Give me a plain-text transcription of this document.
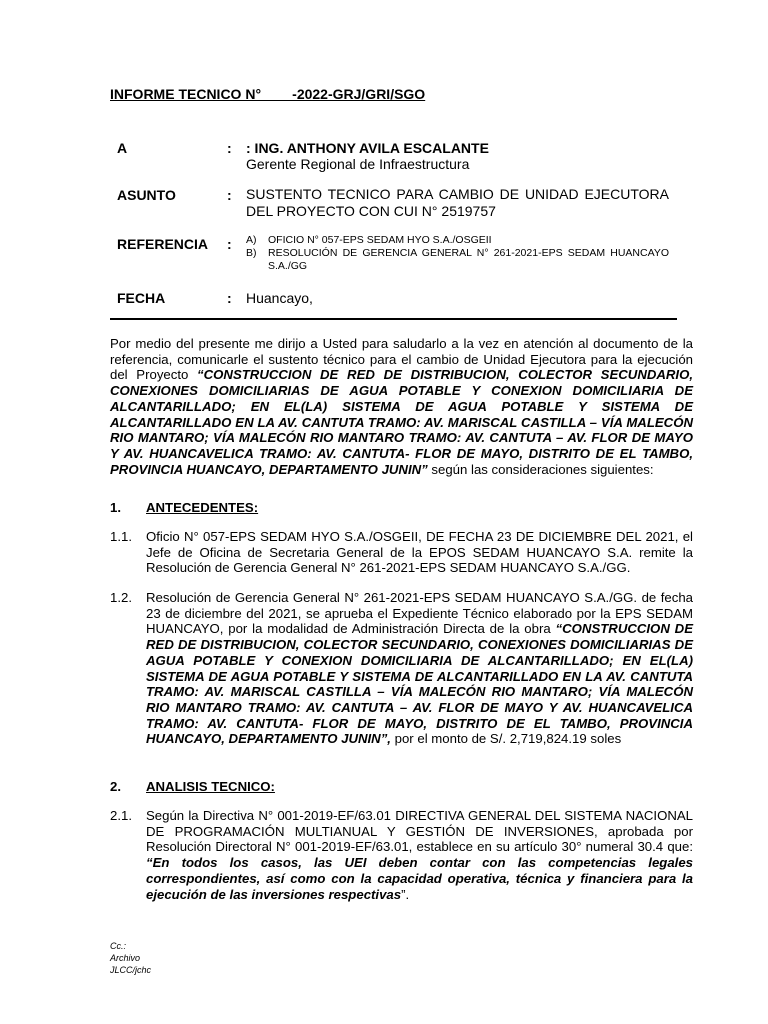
INFORME TECNICO N°        -2022-GRJ/GRI/SGO
A	: : ING. ANTHONY AVILA ESCALANTE
Gerente Regional de Infraestructura
ASUNTO	: SUSTENTO TECNICO PARA CAMBIO DE UNIDAD EJECUTORA DEL PROYECTO CON CUI N° 2519757
REFERENCIA : A)	OFICIO N° 057-EPS SEDAM HYO S.A./OSGEII
B)	RESOLUCIÓN DE GERENCIA GENERAL N° 261-2021-EPS SEDAM HUANCAYO S.A./GG
FECHA	: Huancayo,
Por medio del presente me dirijo a Usted para saludarlo a la vez en atención al documento de la referencia, comunicarle el sustento técnico para el cambio de Unidad Ejecutora para la ejecución del Proyecto “CONSTRUCCION DE RED DE DISTRIBUCION, COLECTOR SECUNDARIO, CONEXIONES DOMICILIARIAS DE AGUA POTABLE Y CONEXION DOMICILIARIA DE ALCANTARILLADO; EN EL(LA) SISTEMA DE AGUA POTABLE Y SISTEMA DE ALCANTARILLADO EN LA AV. CANTUTA TRAMO: AV. MARISCAL CASTILLA – VÍA MALECÓN RIO MANTARO; VÍA MALECÓN RIO MANTARO TRAMO: AV. CANTUTA – AV. FLOR DE MAYO Y AV. HUANCAVELICA TRAMO: AV. CANTUTA- FLOR DE MAYO, DISTRITO DE EL TAMBO, PROVINCIA HUANCAYO, DEPARTAMENTO JUNIN” según las consideraciones siguientes:
1. ANTECEDENTES:
1.1. Oficio N° 057-EPS SEDAM HYO S.A./OSGEII, DE FECHA 23 DE DICIEMBRE DEL 2021, el Jefe de Oficina de Secretaria General de la EPOS SEDAM HUANCAYO S.A. remite la Resolución de Gerencia General N° 261-2021-EPS SEDAM HUANCAYO S.A./GG.
1.2. Resolución de Gerencia General N° 261-2021-EPS SEDAM HUANCAYO S.A./GG. de fecha 23 de diciembre del 2021, se aprueba el Expediente Técnico elaborado por la EPS SEDAM HUANCAYO, por la modalidad de Administración Directa de la obra “CONSTRUCCION DE RED DE DISTRIBUCION, COLECTOR SECUNDARIO, CONEXIONES DOMICILIARIAS DE AGUA POTABLE Y CONEXION DOMICILIARIA DE ALCANTARILLADO; EN EL(LA) SISTEMA DE AGUA POTABLE Y SISTEMA DE ALCANTARILLADO EN LA AV. CANTUTA TRAMO: AV. MARISCAL CASTILLA – VÍA MALECÓN RIO MANTARO; VÍA MALECÓN RIO MANTARO TRAMO: AV. CANTUTA – AV. FLOR DE MAYO Y AV. HUANCAVELICA TRAMO: AV. CANTUTA- FLOR DE MAYO, DISTRITO DE EL TAMBO, PROVINCIA HUANCAYO, DEPARTAMENTO JUNIN”, por el monto de S/. 2,719,824.19 soles
2. ANALISIS TECNICO:
2.1. Según la Directiva N° 001-2019-EF/63.01 DIRECTIVA GENERAL DEL SISTEMA NACIONAL DE PROGRAMACIÓN MULTIANUAL Y GESTIÓN DE INVERSIONES, aprobada por Resolución Directoral N° 001-2019-EF/63.01, establece en su artículo 30° numeral 30.4 que: “En todos los casos, las UEI deben contar con las competencias legales correspondientes, así como con la capacidad operativa, técnica y financiera para la ejecución de las inversiones respectivas”.
Cc.:
Archivo
JLCC/jchc
